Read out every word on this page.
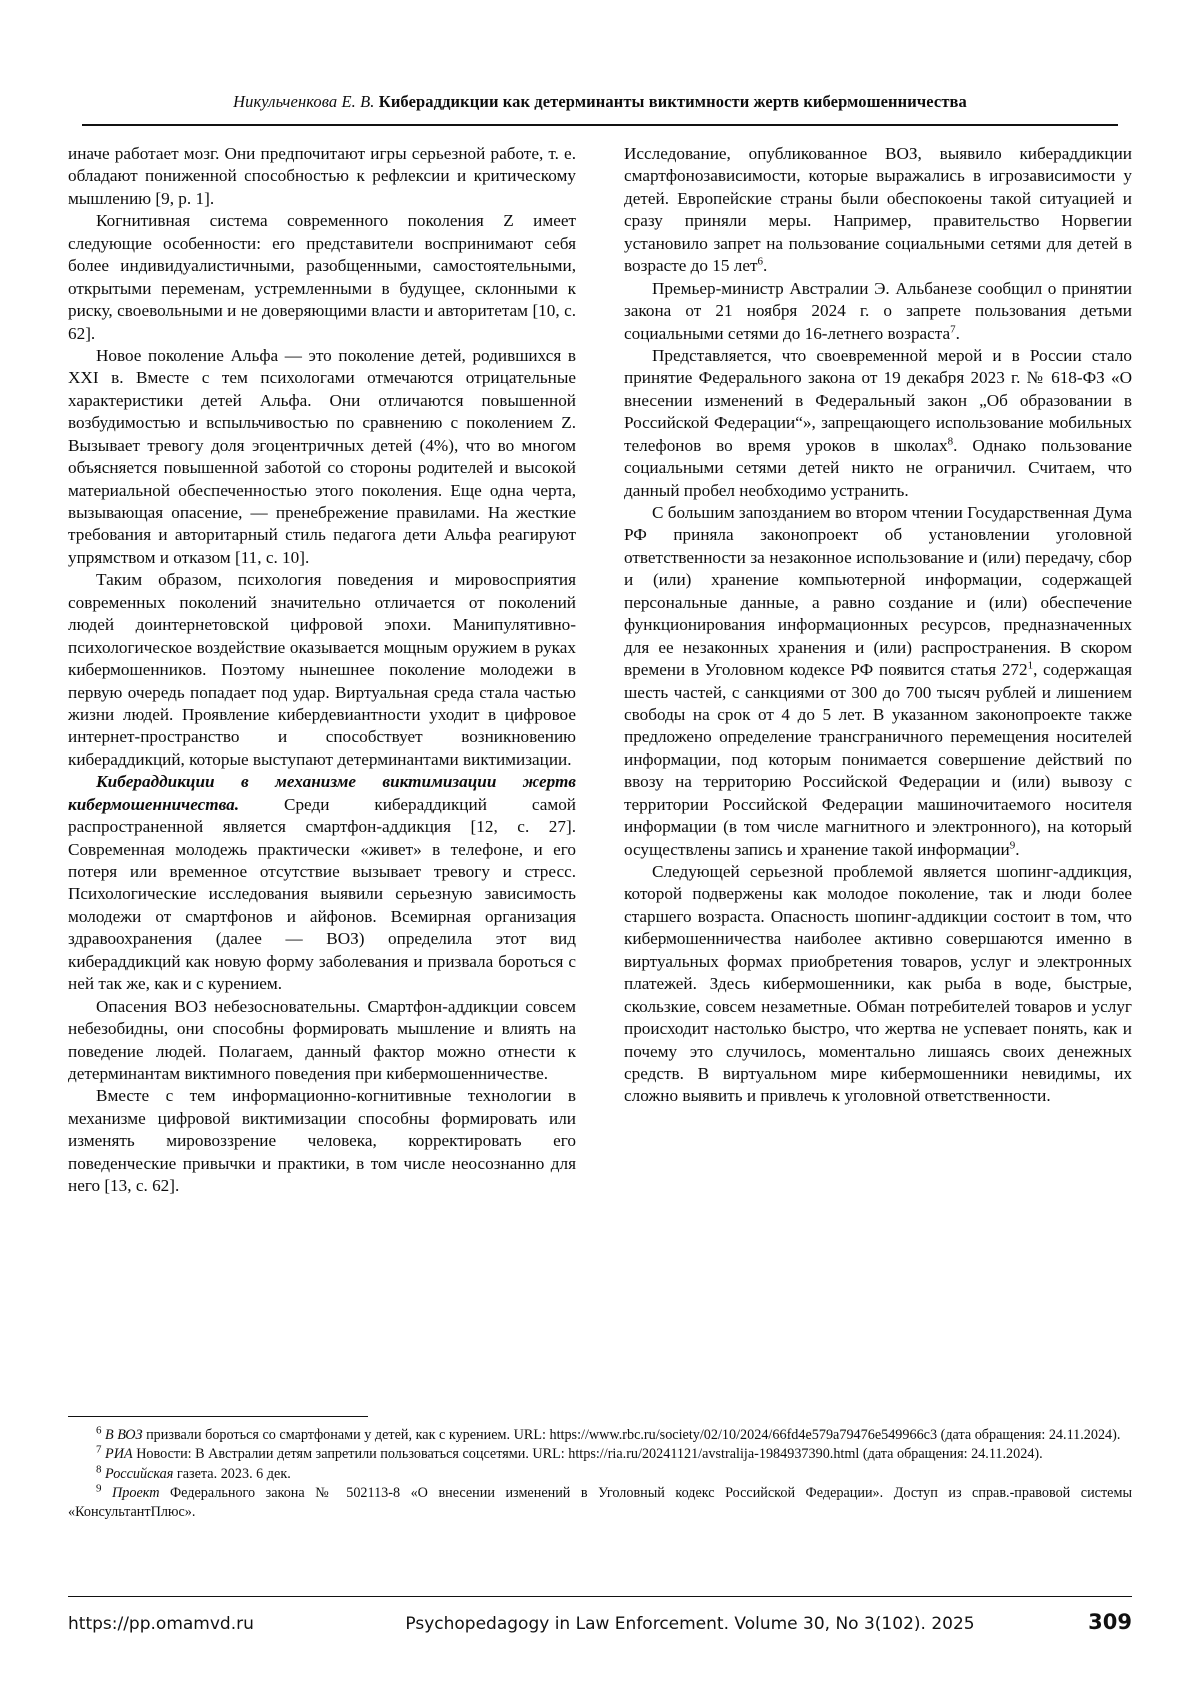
Никульченкова Е. В. Кибераддикции как детерминанты виктимности жертв кибермошенничества

иначе работает мозг. Они предпочитают игры серьезной работе, т. е. обладают пониженной способностью к рефлексии и критическому мышлению [9, p. 1].

Когнитивная система современного поколения Z имеет следующие особенности: его представители воспринимают себя более индивидуалистичными, разобщенными, самостоятельными, открытыми переменам, устремленными в будущее, склонными к риску, своевольными и не доверяющими власти и авторитетам [10, с. 62].

Новое поколение Альфа — это поколение детей, родившихся в XXI в. Вместе с тем психологами отмечаются отрицательные характеристики детей Альфа. Они отличаются повышенной возбудимостью и вспыльчивостью по сравнению с поколением Z. Вызывает тревогу доля эгоцентричных детей (4%), что во многом объясняется повышенной заботой со стороны родителей и высокой материальной обеспеченностью этого поколения. Еще одна черта, вызывающая опасение, — пренебрежение правилами. На жесткие требования и авторитарный стиль педагога дети Альфа реагируют упрямством и отказом [11, с. 10].

Таким образом, психология поведения и мировосприятия современных поколений значительно отличается от поколений людей доинтернетовской цифровой эпохи. Манипулятивно-психологическое воздействие оказывается мощным оружием в руках кибермошенников. Поэтому нынешнее поколение молодежи в первую очередь попадает под удар. Виртуальная среда стала частью жизни людей. Проявление кибердевиантности уходит в цифровое интернет-пространство и способствует возникновению кибераддикций, которые выступают детерминантами виктимизации.

Кибераддикции в механизме виктимизации жертв кибермошенничества. Среди кибераддикций самой распространенной является смартфон-аддикция [12, с. 27]. Современная молодежь практически «живет» в телефоне, и его потеря или временное отсутствие вызывает тревогу и стресс. Психологические исследования выявили серьезную зависимость молодежи от смартфонов и айфонов. Всемирная организация здравоохранения (далее — ВОЗ) определила этот вид кибераддикций как новую форму заболевания и призвала бороться с ней так же, как и с курением.

Опасения ВОЗ небезосновательны. Смартфон-аддикции совсем небезобидны, они способны формировать мышление и влиять на поведение людей. Полагаем, данный фактор можно отнести к детерминантам виктимного поведения при кибермошенничестве.

Вместе с тем информационно-когнитивные технологии в механизме цифровой виктимизации способны формировать или изменять мировоззрение человека, корректировать его поведенческие привычки и практики, в том числе неосознанно для него [13, с. 62].

Исследование, опубликованное ВОЗ, выявило кибераддикции смартфонозависимости, которые выражались в игрозависимости у детей. Европейские страны были обеспокоены такой ситуацией и сразу приняли меры. Например, правительство Норвегии установило запрет на пользование социальными сетями для детей в возрасте до 15 лет$^6$.

Премьер-министр Австралии Э. Альбанезе сообщил о принятии закона от 21 ноября 2024 г. о запрете пользования детьми социальными сетями до 16-летнего возраста$^7$.

Представляется, что своевременной мерой и в России стало принятие Федерального закона от 19 декабря 2023 г. № 618-ФЗ «О внесении изменений в Федеральный закон „Об образовании в Российской Федерации“», запрещающего использование мобильных телефонов во время уроков в школах$^8$. Однако пользование социальными сетями детей никто не ограничил. Считаем, что данный пробел необходимо устранить.

С большим запозданием во втором чтении Государственная Дума РФ приняла законопроект об установлении уголовной ответственности за незаконное использование и (или) передачу, сбор и (или) хранение компьютерной информации, содержащей персональные данные, а равно создание и (или) обеспечение функционирования информационных ресурсов, предназначенных для ее незаконных хранения и (или) распространения. В скором времени в Уголовном кодексе РФ появится статья $272^1$, содержащая шесть частей, с санкциями от 300 до 700 тысяч рублей и лишением свободы на срок от 4 до 5 лет. В указанном законопроекте также предложено определение трансграничного перемещения носителей информации, под которым понимается совершение действий по ввозу на территорию Российской Федерации и (или) вывозу с территории Российской Федерации машиночитаемого носителя информации (в том числе магнитного и электронного), на который осуществлены запись и хранение такой информации$^9$.

Следующей серьезной проблемой является шопинг-аддикция, которой подвержены как молодое поколение, так и люди более старшего возраста. Опасность шопинг-аддикции состоит в том, что кибермошенничества наиболее активно совершаются именно в виртуальных формах приобретения товаров, услуг и электронных платежей. Здесь кибермошенники, как рыба в воде, быстрые, скользкие, совсем незаметные. Обман потребителей товаров и услуг происходит настолько быстро, что жертва не успевает понять, как и почему это случилось, моментально лишаясь своих денежных средств. В виртуальном мире кибермошенники невидимы, их сложно выявить и привлечь к уголовной ответственности.

$^6$ В ВОЗ призвали бороться со смартфонами у детей, как с курением. URL: https://www.rbc.ru/society/02/10/2024/66fd4e579a79476e549966c3 (дата обращения: 24.11.2024).

$^7$ РИА Новости: В Австралии детям запретили пользоваться соцсетями. URL: https://ria.ru/20241121/avstralija-1984937390.html (дата обращения: 24.11.2024).

$^8$ Российская газета. 2023. 6 дек.

$^9$ Проект Федерального закона № 502113-8 «О внесении изменений в Уголовный кодекс Российской Федерации». Доступ из справ.-правовой системы «КонсультантПлюс».

https://pp.omamvd.ru	Psychopedagogy in Law Enforcement. Volume 30, No 3(102). 2025	309
